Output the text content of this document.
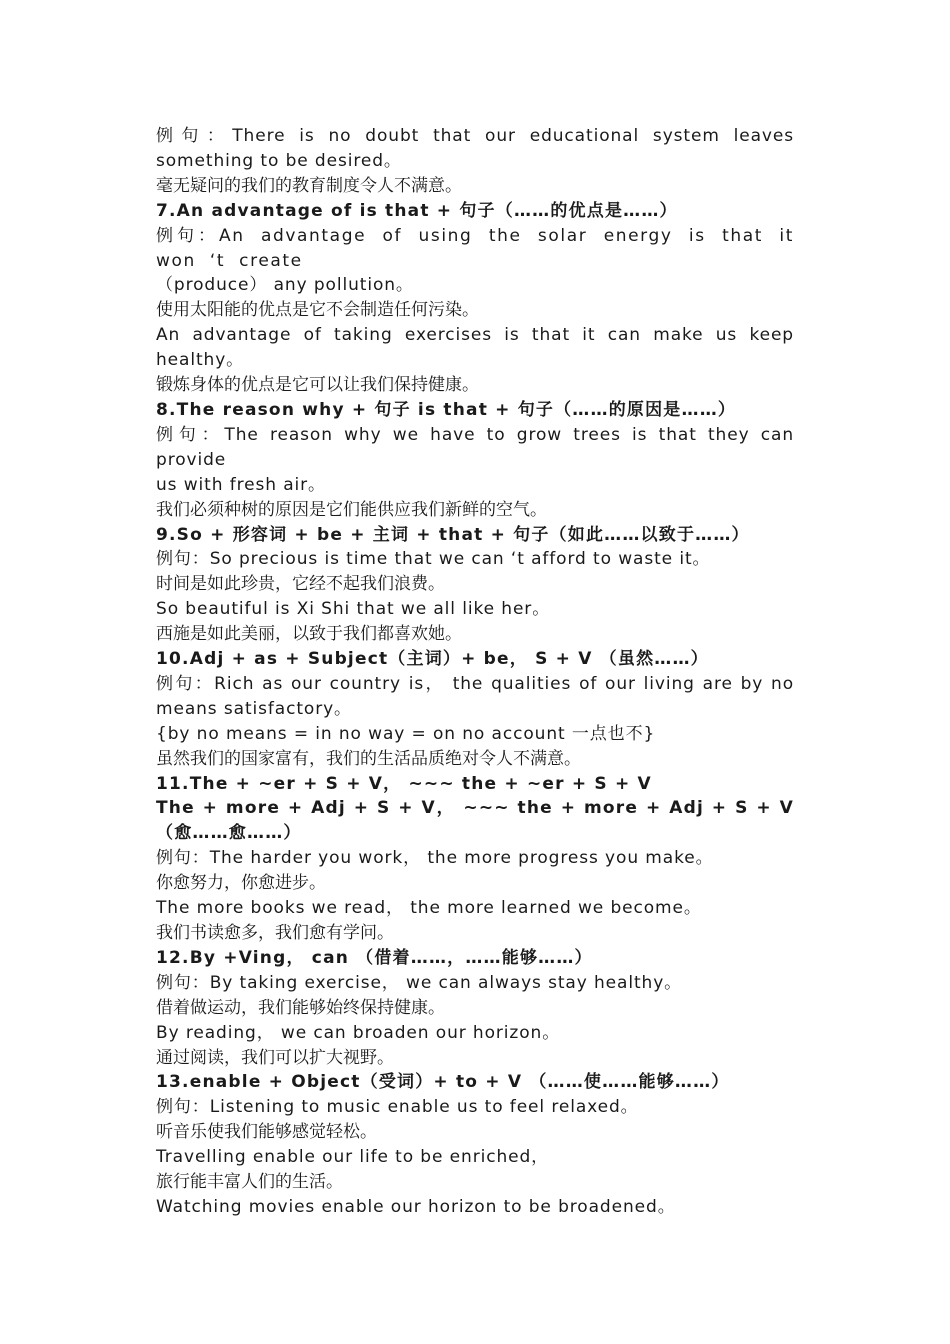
例句：There is no doubt that our educational system leaves something to be desired。

毫无疑问的我们的教育制度令人不满意。

7.An advantage of is that + 句子（……的优点是……）

例句：An advantage of using the solar energy is that it won ‘t create

（produce） any pollution。

使用太阳能的优点是它不会制造任何污染。

An advantage of taking exercises is that it can make us keep healthy。

锻炼身体的优点是它可以让我们保持健康。

8.The reason why + 句子 is that + 句子（……的原因是……）

例句：The reason why we have to grow trees is that they can provide

us with fresh air。

我们必须种树的原因是它们能供应我们新鲜的空气。

9.So + 形容词 + be + 主词 + that + 句子（如此……以致于……）

例句：So precious is time that we can ‘t afford to waste it。

时间是如此珍贵，它经不起我们浪费。

So beautiful is Xi Shi that we all like her。

西施是如此美丽，以致于我们都喜欢她。

10.Adj + as + Subject（主词）+ be， S + V （虽然……）

例句：Rich as our country is， the qualities of our living are by no means satisfactory。

{by no means = in no way = on no account 一点也不}

虽然我们的国家富有，我们的生活品质绝对令人不满意。

11.The + ~er + S + V， ~~~ the + ~er + S + V

The + more + Adj + S + V， ~~~ the + more + Adj + S + V（愈……愈……）

例句：The harder you work， the more progress you make。

你愈努力，你愈进步。

The more books we read， the more learned we become。

我们书读愈多，我们愈有学问。

12.By +Ving， can （借着……，……能够……）

例句：By taking exercise， we can always stay healthy。

借着做运动，我们能够始终保持健康。

By reading， we can broaden our horizon。

通过阅读，我们可以扩大视野。

13.enable + Object（受词）+ to + V （……使……能够……）

例句：Listening to music enable us to feel relaxed。

听音乐使我们能够感觉轻松。

Travelling enable our life to be enriched，

旅行能丰富人们的生活。

Watching movies enable our horizon to be broadened。
